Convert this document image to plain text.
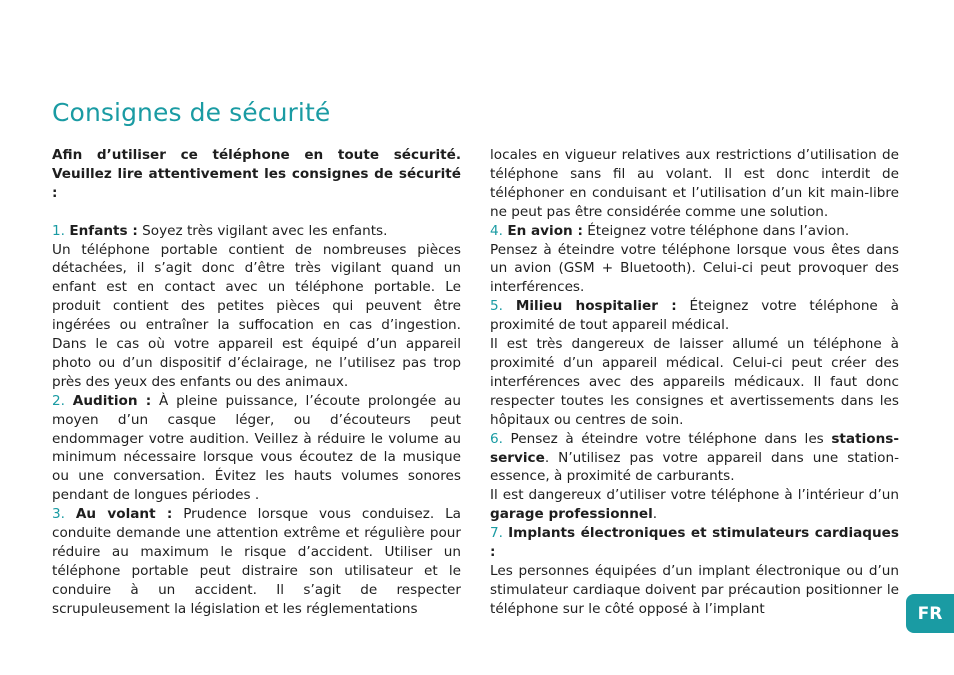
Consignes de sécurité

Afin d’utiliser ce téléphone en toute sécurité. Veuillez lire attentivement les consignes de sécurité :

1. Enfants : Soyez très vigilant avec les enfants.

Un téléphone portable contient de nombreuses pièces détachées, il s’agit donc d’être très vigilant quand un enfant est en contact avec un téléphone portable. Le produit contient des petites pièces qui peuvent être ingérées ou entraîner la suffocation en cas d’ingestion. Dans le cas où votre appareil est équipé d’un appareil photo ou d’un dispositif d’éclairage, ne l’utilisez pas trop près des yeux des enfants ou des animaux.

2. Audition : À pleine puissance, l’écoute prolongée au moyen d’un casque léger, ou d’écouteurs peut endommager votre audition. Veillez à réduire le volume au minimum nécessaire lorsque vous écoutez de la musique ou une conversation. Évitez les hauts volumes sonores pendant de longues périodes .

3. Au volant : Prudence lorsque vous conduisez. La conduite demande une attention extrême et régulière pour réduire au maximum le risque d’accident. Utiliser un téléphone portable peut distraire son utilisateur et le conduire à un accident. Il s’agit de respecter scrupuleusement la législation et les réglementations

locales en vigueur relatives aux restrictions d’utilisation de téléphone sans fil au volant. Il est donc interdit de téléphoner en conduisant et l’utilisation d’un kit main-libre ne peut pas être considérée comme une solution.

4. En avion : Éteignez votre téléphone dans l’avion.

Pensez à éteindre votre téléphone lorsque vous êtes dans un avion (GSM + Bluetooth). Celui-ci peut provoquer des interférences.

5. Milieu hospitalier : Éteignez votre téléphone à proximité de tout appareil médical.

Il est très dangereux de laisser allumé un téléphone à proximité d’un appareil médical. Celui-ci peut créer des interférences avec des appareils médicaux. Il faut donc respecter toutes les consignes et avertissements dans les hôpitaux ou centres de soin.

6. Pensez à éteindre votre téléphone dans les stations-service. N’utilisez pas votre appareil dans une station-essence, à proximité de carburants.

Il est dangereux d’utiliser votre téléphone à l’intérieur d’un garage professionnel.

7. Implants électroniques et stimulateurs cardiaques :

Les personnes équipées d’un implant électronique ou d’un stimulateur cardiaque doivent par précaution positionner le téléphone sur le côté opposé à l’implant	FR
